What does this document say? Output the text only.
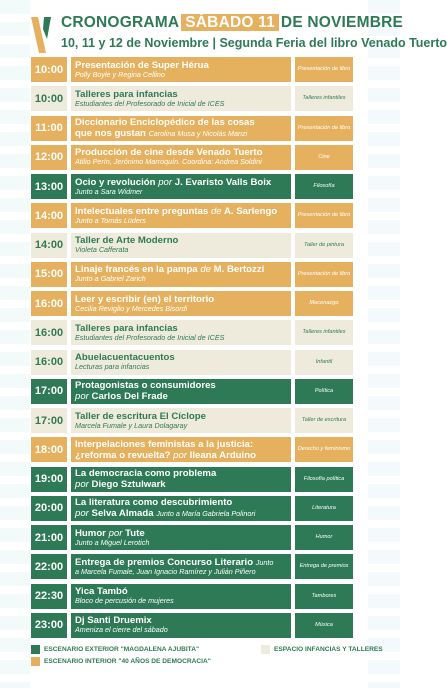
CRONOGRAMA SÁBADO 11 DE NOVIEMBRE
10, 11 y 12 de Noviembre | Segunda Feria del libro Venado Tuerto
10:00	Presentación de Super Hérua
Polly Boyle y Regina Cellino
Presentación de libro
10:00	Talleres para infancias
Estudiantes del Profesorado de Inicial de ICES
Talleres infantiles
11:00	Diccionario Enciclopédico de las cosas
que nos gustan Carolina Musa y Nicolás Manzi
Presentación de libro
12:00	Producción de cine desde Venado Tuerto
Atilio Perín, Jerónimo Marroquín. Coordina: Andrea Soldini
Cine
13:00	Ocio y revolución por J. Evaristo Valls Boix
Junto a Sara Widmer
Filosofía
14:00	Intelectuales entre preguntas de A. Sarlengo
Junto a Tomás Lüders
Presentación de libro
14:00	Taller de Arte Moderno
Violeta Cafferata
Taller de pintura
15:00	Linaje francés en la pampa de M. Bertozzi
Junto a Gabriel Zarich
Presentación de libro
16:00	Leer y escribir (en) el territorio
Cecilia Reviglio y Mercedes Bisordi
Mecenazgo
16:00	Talleres para infancias
Estudiantes del Profesorado de Inicial de ICES
Talleres infantiles
16:00	Abuelacuentacuentos
Lecturas para infancias
Infantil
17:00	Protagonistas o consumidores
por Carlos Del Frade
Política
17:00	Taller de escritura El Cíclope
Marcela Fumale y Laura Dolagaray
Taller de escritura
18:00	Interpelaciones feministas a la justicia:
¿reforma o revuelta? por Ileana Arduino
Derecho y feminismo
19:00	La democracia como problema
por Diego Sztulwark
Filosofía política
20:00	La literatura como descubrimiento
por Selva Almada Junto a María Gabriela Polinori
Literatura
21:00	Humor por Tute
Junto a Miguel Lerotich
Humor
22:00	Entrega de premios Concurso Literario Junto
a Marcela Fumale, Juan Ignacio Ramírez y Julián Piñero
Entrega de premios
22:30	Yica Tambó
Bloco de percusión de mujeres
Tambores
23:00	Dj Santi Druemix
Ameniza el cierre del sábado
Música
ESCENARIO EXTERIOR "MAGDALENA AJUBITA"
ESCENARIO INTERIOR "40 AÑOS DE DEMOCRACIA"
ESPACIO INFANCIAS Y TALLERES
